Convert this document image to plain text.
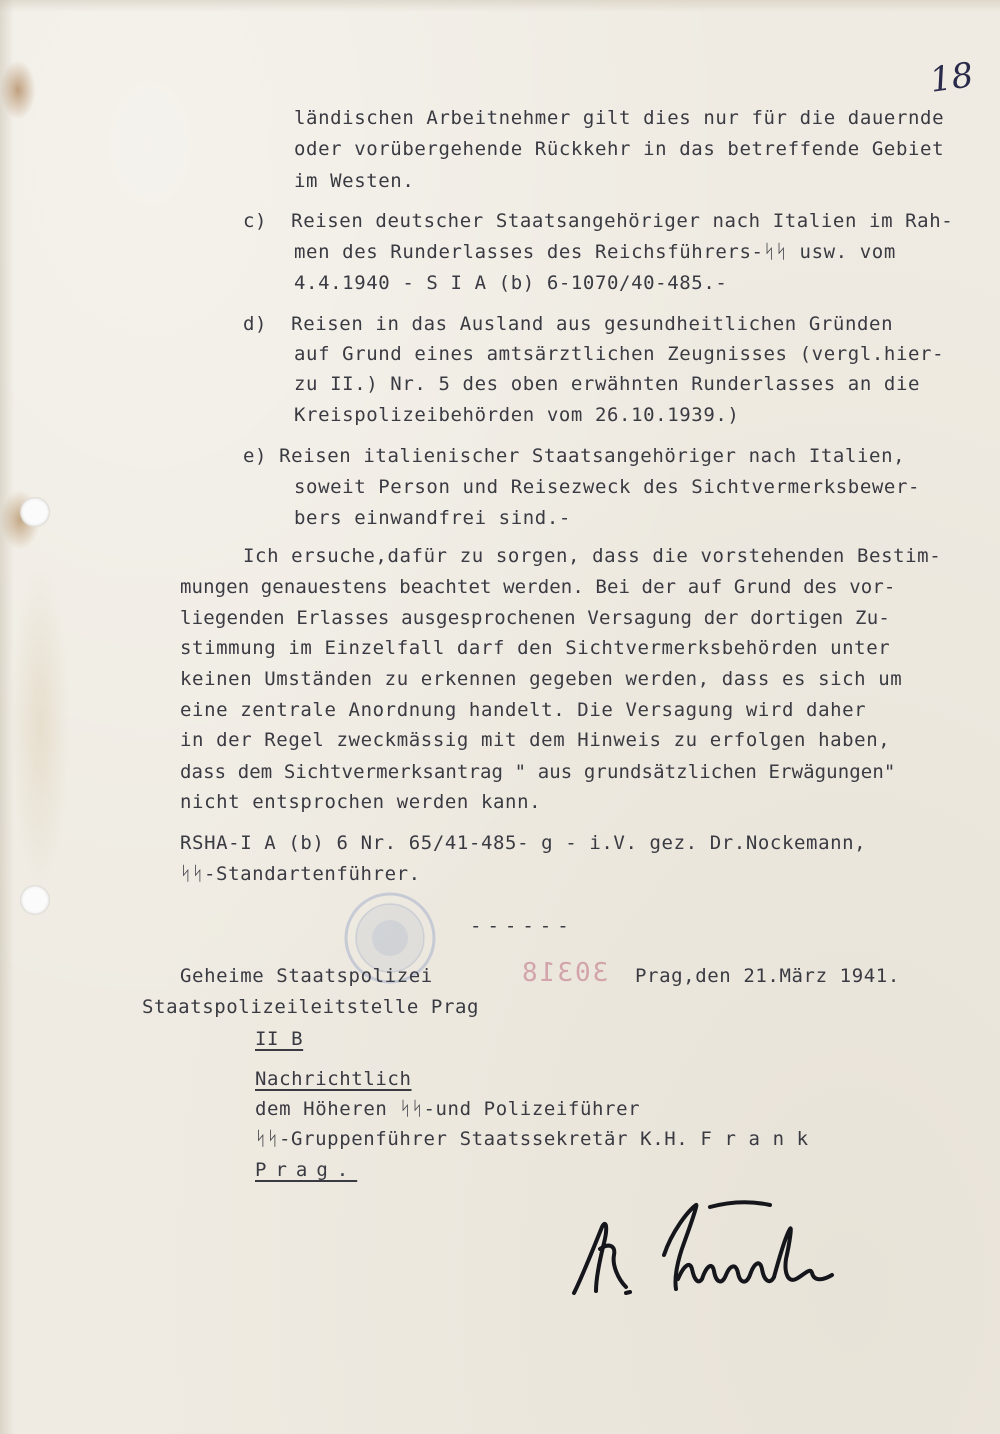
18
ländischen Arbeitnehmer gilt dies nur für die dauernde
oder vorübergehende Rückkehr in das betreffende Gebiet
im Westen.
c)  Reisen deutscher Staatsangehöriger nach Italien im Rah-
men des Runderlasses des Reichsführers-ᛋᛋ usw. vom
4.4.1940 - S I A (b) 6-1070/40-485.-
d)  Reisen in das Ausland aus gesundheitlichen Gründen
auf Grund eines amtsärztlichen Zeugnisses (vergl.hier-
zu II.) Nr. 5 des oben erwähnten Runderlasses an die
Kreispolizeibehörden vom 26.10.1939.)
e) Reisen italienischer Staatsangehöriger nach Italien,
soweit Person und Reisezweck des Sichtvermerksbewer-
bers einwandfrei sind.-
Ich ersuche,dafür zu sorgen, dass die vorstehenden Bestim-
mungen genauestens beachtet werden. Bei der auf Grund des vor-
liegenden Erlasses ausgesprochenen Versagung der dortigen Zu-
stimmung im Einzelfall darf den Sichtvermerksbehörden unter
keinen Umständen zu erkennen gegeben werden, dass es sich um
eine zentrale Anordnung handelt. Die Versagung wird daher
in der Regel zweckmässig mit dem Hinweis zu erfolgen haben,
dass dem Sichtvermerksantrag " aus grundsätzlichen Erwägungen"
nicht entsprochen werden kann.
RSHA-I A (b) 6 Nr. 65/41-485- g - i.V. gez. Dr.Nockemann,
ᛋᛋ-Standartenführer.
------
Geheime Staatspolizei
Staatspolizeileitstelle Prag
30318 Prag,den 21.März 1941.
II B
Nachrichtlich
dem Höheren ᛋᛋ-und Polizeiführer
ᛋᛋ-Gruppenführer Staatssekretär K.H. F r a n k
Prag.
